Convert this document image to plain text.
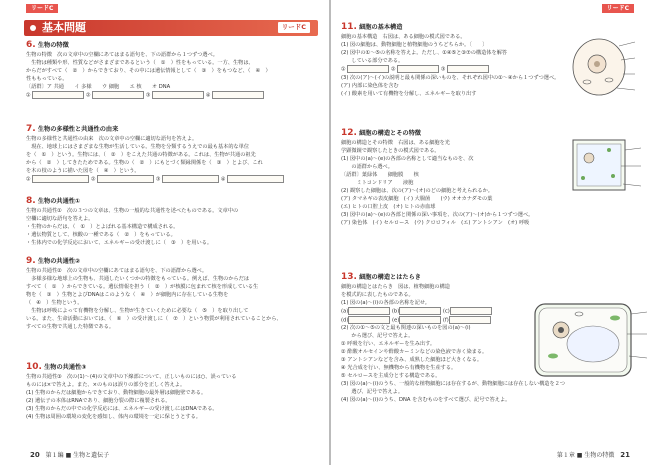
リードC
基本問題	リードC
6. 生物の特徴
生物の特徴　次の文章中の空欄にあてはまる語句を、下の語群から１つずつ選べ。
　生物は種類や形、性質などがさまざまであるという（　①　）性をもっている。一方、生物は、
からだがすべて（　②　）からできており、その中には遺伝情報として（　③　）をもつなど、（　④　）
性ももっている。
〔語群〕ア 共通　　イ 多様　　ウ 細胞　　エ 核　　オ DNA
①	②	③	④
7. 生物の多様性と共通性の由来
生物の多様性と共通性の由来　次の文章中の空欄に適切な語句を答えよ。
　現在、地球上にはさまざまな生物が生活している。生物を分類するうえでの最も基本的な単位
を（　①　）という。生物には、（　②　）をこえた共通の特徴がある。これは、生物が共通の祖先
から（　②　）してきたためである。生物の（　②　）にもとづく類縁関係を（　③　）とよび、これ
を木の枝のように描いた図を（　④　）という。
①	②	③	④
8. 生物の共通性①
生物の共通性①　次の３つの文章は、生物の一般的な共通性を述べたものである。文章中の
空欄に適切な語句を答えよ。
・生物のからだは、（　①　）とよばれる基本構造で構成される。
・遺伝物質として、核酸の一種である（　②　）をもっている。
・生体内での化学反応において、エネルギーの受け渡しに（　③　）を用いる。
9. 生物の共通性②
生物の共通性②　次の文章中の空欄にあてはまる語句を、下の語群から選べ。
　多様多様な地球上の生物も、共通したいくつかの特徴をもっている。例えば、生物のからだは
すべて（　①　）からできている。遺伝情報を担う（　②　）が核膜に包まれて核を形成している生
物を（　③　）生物とよびDNAはこのような（　④　）が細胞内に存在している生物を
（　④　）生物という。
　生物は呼吸によって有機物を分解し、生物が生きていくために必要な（　⑤　）を取り出して
いる。また、生命活動においては、（　⑥　）の受け渡しに（　⑦　）という物質が利用されていることから、
すべての生物で共通した特徴である。
10. 生物の共通性③
生物の共通性③　次の(1)〜(4)の文章中の下線部について、正しいものには○、誤っている
ものには×で答えよ。また、×のものは誤りの部分を正しく答えよ。
(1) 生物のからだは細胞からできており、動物細胞の最外層は細胞壁である。
(2) 遺伝子の本体はRNAであり、細胞分裂の際に複製される。
(3) 生物のからだの中での化学反応には、エネルギーの受け渡しにはDNAである。
(4) 生物は周囲の環境の変化を感知し、体内の環境を一定に保とうとする。
20 第１編 ■ 生物と遺伝子
リードC
11. 細胞の基本構造
細胞の基本構造　右図は、ある細胞の模式図である。
(1) 図の細胞は、動物細胞と植物細胞のうちどちらか。〔　　〕
(2) 図中の①〜⑤の名称を答えよ。ただし、①④⑤と③⑦の構造体を解答
　　している部分である。
①	②	③
(3) 次の(ア)〜(イ)の説明と最も関係の深いものを、それぞれ図中の①〜④から１つずつ選べ。
(ア) 内部に染色体を含む
(イ) 酸素を用いて有機物を分解し、エネルギーを取り出す
12. 細胞の構造とその特徴
細胞の構造とその特徴　右図は、ある細胞を光
学顕微鏡で観察したときの模式図である。
(1) 図中の(a)〜(e)の各部の名称として適当なものを、次
　　の語群から選べ。
〔語群〕葉緑体　　細胞膜　　核
　　　ミトコンドリア　　液胞
(2) 観察した細胞は、次の(ア)〜(オ)のどの細胞と考えられるか。
(ア) タマネギの表皮細胞　(イ) 大腸菌　　(ウ) オオカナダモの葉
(エ) ヒトの口腔上皮　(オ) ヒトの赤血球
(3) 図中の(a)〜(e)の各部と関係の深い事項を、次の(ア)〜(オ)から１つずつ選べ。
(ア) 染色体　(イ) セルロース　(ウ) クロロフィル　(エ) アントシアン　(オ) 呼吸
13. 細胞の構造とはたらき
細胞の構造とはたらき　図は、植物細胞の構造
を模式的に表したものである。
(1) 図の(a)〜(i)の各部の名称を記せ。
(a)	(b)	(c)
(d)	(e)	(f)
(2) 次の①〜⑤の文と最も関連の深いものを図の(a)〜(i)
　　から選び、記号で答えよ。
① 呼吸を行い、エネルギーを生み出す。
② 酢酸オルセインや酢酸カーミンなどの染色液で赤く染まる。
③ アントシアンなどを含み、成熟した細胞ほど大きくなる。
④ 光合成を行い、無機物から有機物を生産する。
⑤ セルロースを主成分とする構造である。
(3) 図の(a)〜(i)のうち、一般的な植物細胞には存在するが、動物細胞には存在しない構造を２つ
　　選び、記号で答えよ。
(4) 図の(a)〜(i)のうち、DNA を含むものをすべて選び、記号で答えよ。
第１章 ■ 生物の特徴 21
